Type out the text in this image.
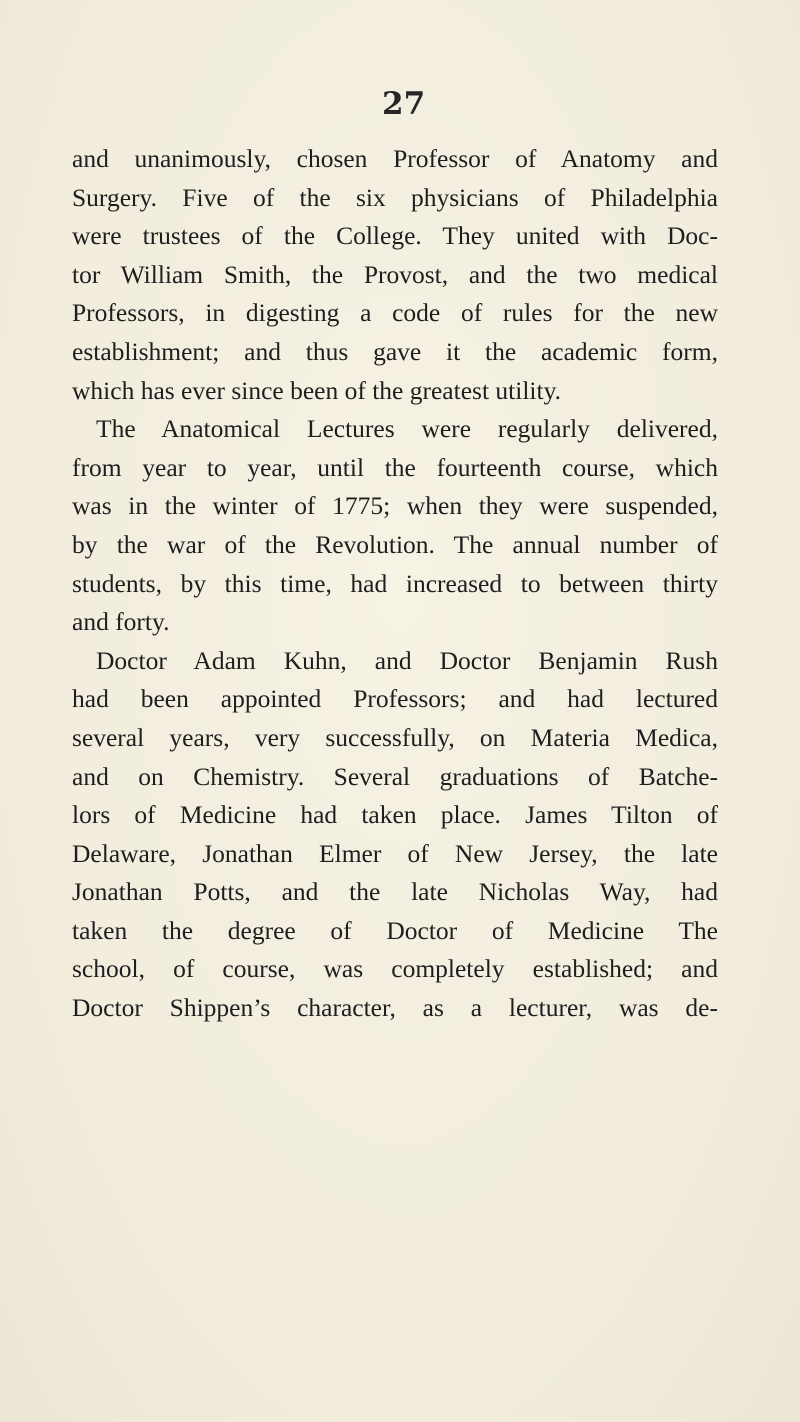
27
and unanimously, chosen Professor of Anatomy and
Surgery. Five of the six physicians of Philadelphia
were trustees of the College. They united with Doc-
tor William Smith, the Provost, and the two medical
Professors, in digesting a code of rules for the new
establishment; and thus gave it the academic form,
which has ever since been of the greatest utility.
The Anatomical Lectures were regularly delivered,
from year to year, until the fourteenth course, which
was in the winter of 1775; when they were suspended,
by the war of the Revolution. The annual number of
students, by this time, had increased to between thirty
and forty.
Doctor Adam Kuhn, and Doctor Benjamin Rush
had been appointed Professors; and had lectured
several years, very successfully, on Materia Medica,
and on Chemistry. Several graduations of Batche-
lors of Medicine had taken place. James Tilton of
Delaware, Jonathan Elmer of New Jersey, the late
Jonathan Potts, and the late Nicholas Way, had
taken the degree of Doctor of Medicine The
school, of course, was completely established; and
Doctor Shippen’s character, as a lecturer, was de-
